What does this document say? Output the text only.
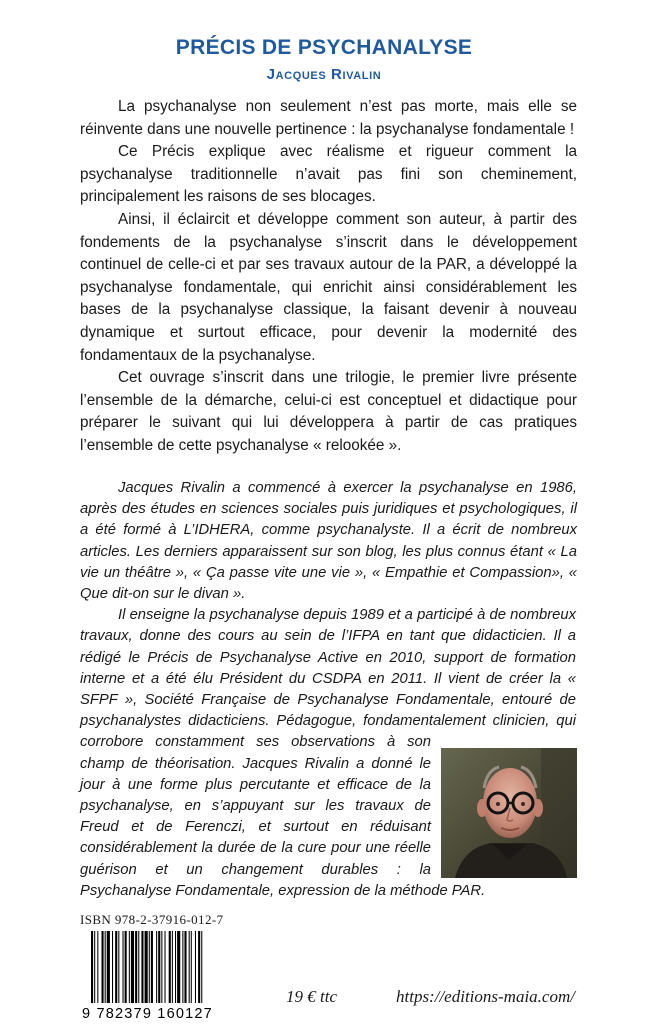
PRÉCIS DE PSYCHANALYSE
Jacques Rivalin

La psychanalyse non seulement n’est pas morte, mais elle se réinvente dans une nouvelle pertinence : la psychanalyse fondamentale !

Ce Précis explique avec réalisme et rigueur comment la psychanalyse traditionnelle n’avait pas fini son cheminement, principalement les raisons de ses blocages.

Ainsi, il éclaircit et développe comment son auteur, à partir des fondements de la psychanalyse s’inscrit dans le développement continuel de celle-ci et par ses travaux autour de la PAR, a développé la psychanalyse fondamentale, qui enrichit ainsi considérablement les bases de la psychanalyse classique, la faisant devenir à nouveau dynamique et surtout efficace, pour devenir la modernité des fondamentaux de la psychanalyse.

Cet ouvrage s’inscrit dans une trilogie, le premier livre présente l’ensemble de la démarche, celui-ci est conceptuel et didactique pour préparer le suivant qui lui développera à partir de cas pratiques l’ensemble de cette psychanalyse « relookée ».

Jacques Rivalin a commencé à exercer la psychanalyse en 1986, après des études en sciences sociales puis juridiques et psychologiques, il a été formé à L’IDHERA, comme psychanalyste. Il a écrit de nombreux articles. Les derniers apparaissent sur son blog, les plus connus étant « La vie un théâtre », « Ça passe vite une vie », « Empathie et Compassion», « Que dit-on sur le divan ».

Il enseigne la psychanalyse depuis 1989 et a participé à de nombreux travaux, donne des cours au sein de l’IFPA en tant que didacticien. Il a rédigé le Précis de Psychanalyse Active en 2010, support de formation interne et a été élu Président du CSDPA en 2011. Il vient de créer la « SFPF », Société Française de Psychanalyse Fondamentale, entouré de psychanalystes didacticiens. Pédagogue, fondamentalement clinicien, qui corrobore constamment ses observations à son champ de théorisation. Jacques Rivalin a donné le jour à une forme plus percutante et efficace de la psychanalyse, en s’appuyant sur les travaux de Freud et de Ferenczi, et surtout en réduisant considérablement la durée de la cure pour une réelle guérison et un changement durables : la Psychanalyse Fondamentale, expression de la méthode PAR.

ISBN 978-2-37916-012-7

9 782379 160127

19 € ttc	https://editions-maia.com/
